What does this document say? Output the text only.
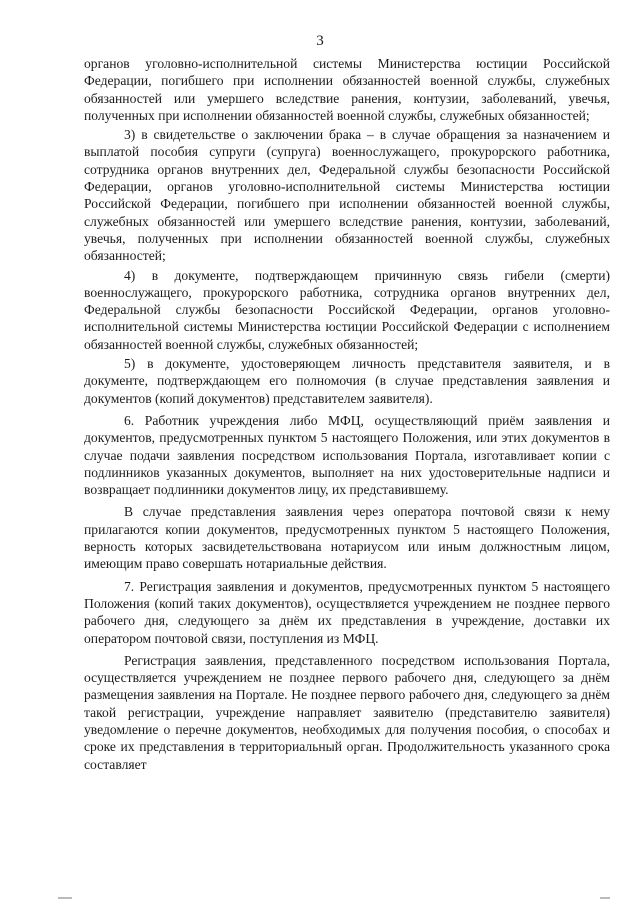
3

органов уголовно-исполнительной системы Министерства юстиции Российской Федерации, погибшего при исполнении обязанностей военной службы, служебных обязанностей или умершего вследствие ранения, контузии, заболеваний, увечья, полученных при исполнении обязанностей военной службы, служебных обязанностей;

3) в свидетельстве о заключении брака – в случае обращения за назначением и выплатой пособия супруги (супруга) военнослужащего, прокурорского работника, сотрудника органов внутренних дел, Федеральной службы безопасности Российской Федерации, органов уголовно-исполнительной системы Министерства юстиции Российской Федерации, погибшего при исполнении обязанностей военной службы, служебных обязанностей или умершего вследствие ранения, контузии, заболеваний, увечья, полученных при исполнении обязанностей военной службы, служебных обязанностей;

4) в документе, подтверждающем причинную связь гибели (смерти) военнослужащего, прокурорского работника, сотрудника органов внутренних дел, Федеральной службы безопасности Российской Федерации, органов уголовно-исполнительной системы Министерства юстиции Российской Федерации с исполнением обязанностей военной службы, служебных обязанностей;

5) в документе, удостоверяющем личность представителя заявителя, и в документе, подтверждающем его полномочия (в случае представления заявления и документов (копий документов) представителем заявителя).

6. Работник учреждения либо МФЦ, осуществляющий приём заявления и документов, предусмотренных пунктом 5 настоящего Положения, или этих документов в случае подачи заявления посредством использования Портала, изготавливает копии с подлинников указанных документов, выполняет на них удостоверительные надписи и возвращает подлинники документов лицу, их представившему.

В случае представления заявления через оператора почтовой связи к нему прилагаются копии документов, предусмотренных пунктом 5 настоящего Положения, верность которых засвидетельствована нотариусом или иным должностным лицом, имеющим право совершать нотариальные действия.

7. Регистрация заявления и документов, предусмотренных пунктом 5 настоящего Положения (копий таких документов), осуществляется учреждением не позднее первого рабочего дня, следующего за днём их представления в учреждение, доставки их оператором почтовой связи, поступления из МФЦ.

Регистрация заявления, представленного посредством использования Портала, осуществляется учреждением не позднее первого рабочего дня, следующего за днём размещения заявления на Портале. Не позднее первого рабочего дня, следующего за днём такой регистрации, учреждение направляет заявителю (представителю заявителя) уведомление о перечне документов, необходимых для получения пособия, о способах и сроке их представления в территориальный орган. Продолжительность указанного срока составляет
